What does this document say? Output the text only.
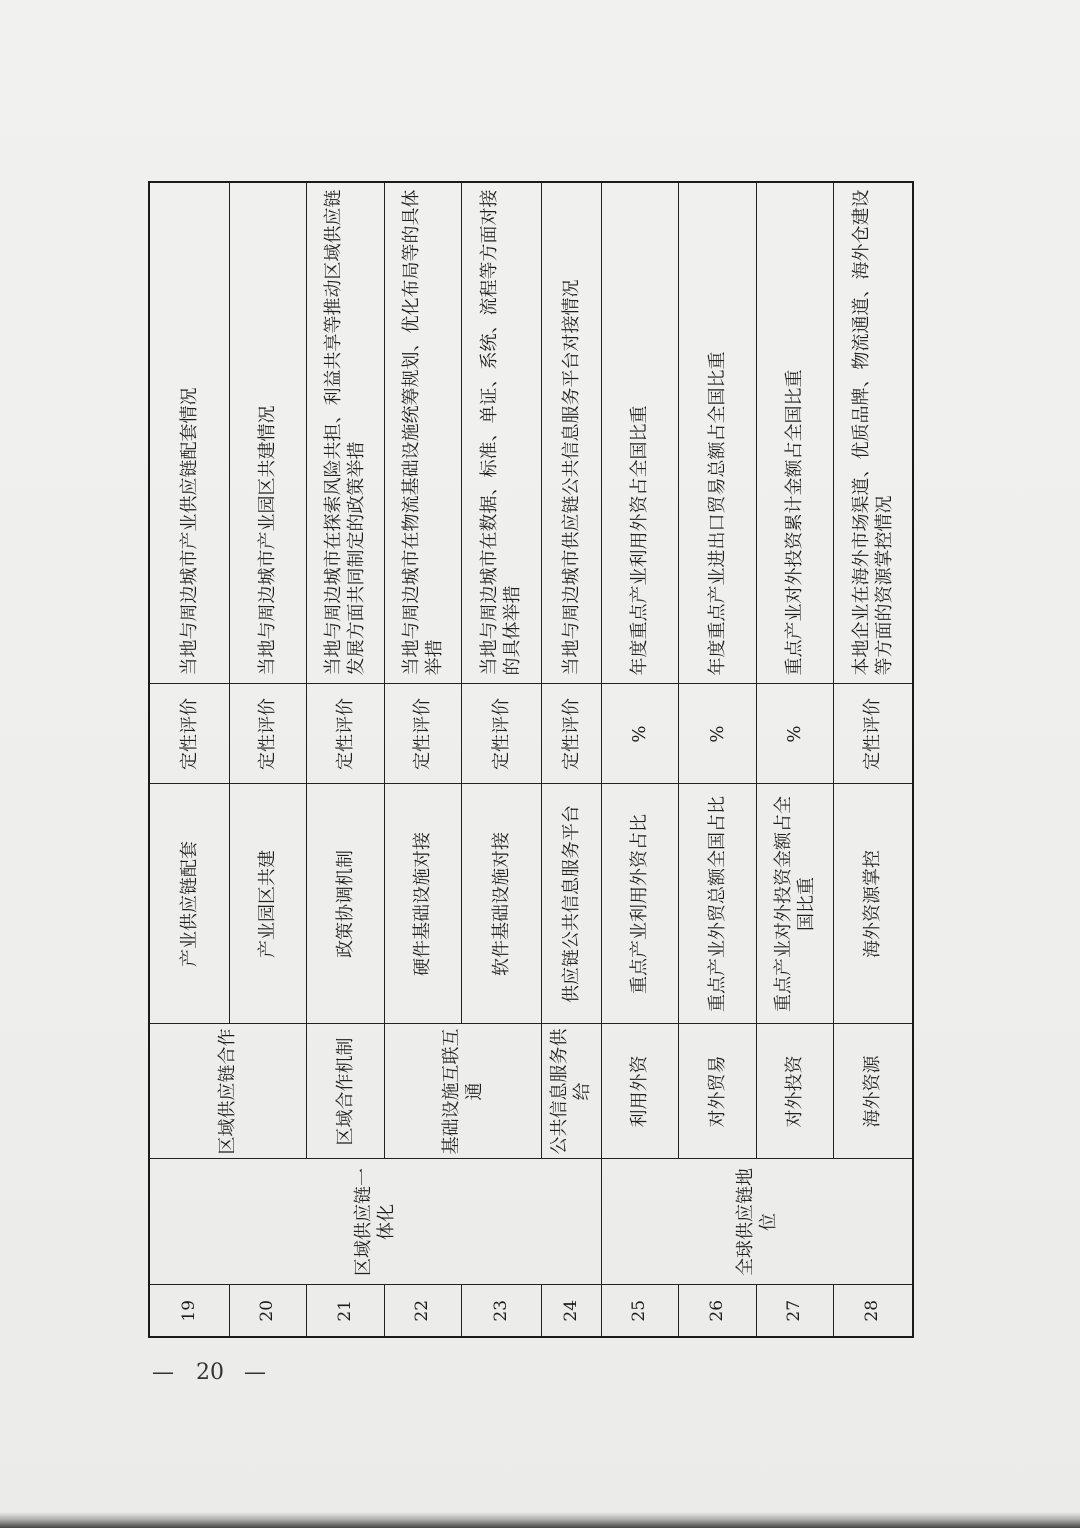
19	区域供应链一体化	区域供应链合作	产业供应链配套	定性评价	当地与周边城市产业供应链配套情况
20			产业园区共建	定性评价	当地与周边城市产业园区共建情况
21		区域合作机制	政策协调机制	定性评价	当地与周边城市在探索风险共担、利益共享等推动区域供应链发展方面共同制定的政策举措
22		基础设施互联互通	硬件基础设施对接	定性评价	当地与周边城市在物流基础设施统筹规划、优化布局等的具体举措
23			软件基础设施对接	定性评价	当地与周边城市在数据、标准、单证、系统、流程等方面对接的具体举措
24		公共信息服务供给	供应链公共信息服务平台	定性评价	当地与周边城市供应链公共信息服务平台对接情况
25	全球供应链地位	利用外资	重点产业利用外资占比	%	年度重点产业利用外资占全国比重
26		对外贸易	重点产业外贸总额全国占比	%	年度重点产业进出口贸易总额占全国比重
27		对外投资	重点产业对外投资金额占全国比重	%	重点产业对外投资累计金额占全国比重
28		海外资源	海外资源掌控	定性评价	本地企业在海外市场渠道、优质品牌、物流通道、海外仓建设等方面的资源掌控情况
— 20 —
